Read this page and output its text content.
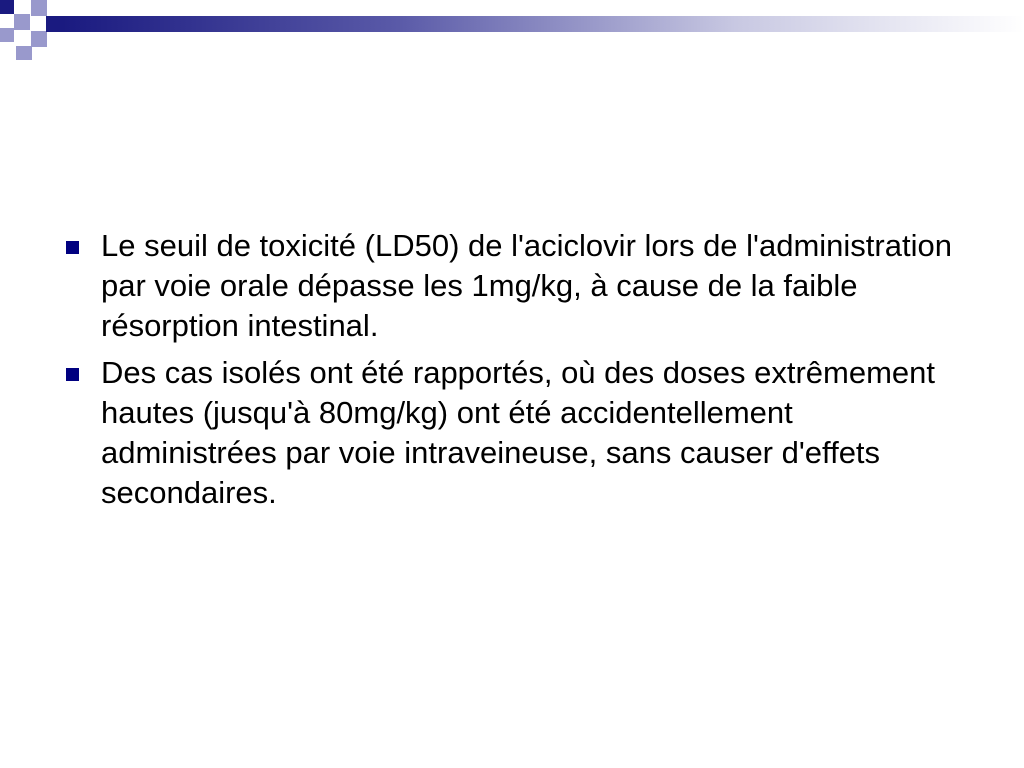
Le seuil de toxicité (LD50) de l'aciclovir lors de l'administration par voie orale dépasse les 1mg/kg, à cause de la faible résorption intestinal.
Des cas isolés ont été rapportés, où des doses extrêmement hautes (jusqu'à 80mg/kg) ont été accidentellement administrées par voie intraveineuse, sans causer d'effets secondaires.
